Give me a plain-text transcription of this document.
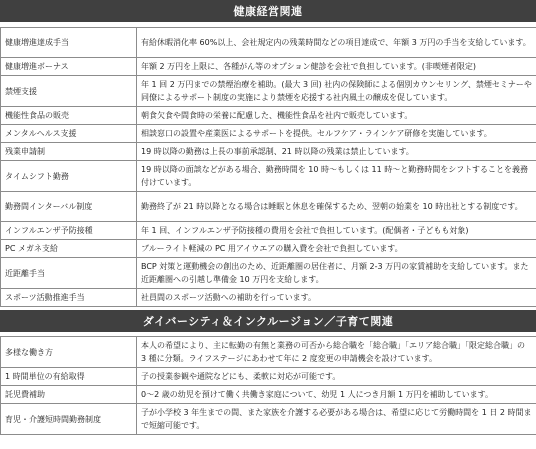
健康経営関連
健康増進達成手当	有給休暇消化率 60%以上、会社規定内の残業時間などの項目達成で、年額 3 万円の手当を支給しています。
健康増進ボーナス	年額 2 万円を上限に、各種がん等のオプション健診を会社で負担しています。(非喫煙者限定)
禁煙支援	年 1 回 2 万円までの禁煙治療を補助。(最大 3 回) 社内の保険師による個別カウンセリング、禁煙セミナーや同僚によるサポート制度の実施により禁煙を応援する社内風土の醸成を促しています。
機能性食品の販売	朝食欠食や間食時の栄養に配慮した、機能性食品を社内で販売しています。
メンタルヘルス支援	相談窓口の設置や産業医によるサポートを提供。セルフケア・ラインケア研修を実施しています。
残業申請制	19 時以降の勤務は上長の事前承認制、21 時以降の残業は禁止しています。
タイムシフト勤務	19 時以降の面談などがある場合、勤務時間を 10 時～もしくは 11 時～と勤務時間をシフトすることを義務付けています。
勤務間インターバル制度	勤務終了が 21 時以降となる場合は睡眠と休息を確保するため、翌朝の始業を 10 時出社とする制度です。
インフルエンザ予防接種	年 1 回、インフルエンザ予防接種の費用を会社で負担しています。(配偶者・子どもも対象)
PC メガネ支給	ブルーライト軽減の PC 用アイウエアの購入費を会社で負担しています。
近距離手当	BCP 対策と運動機会の創出のため、近距離圏の居住者に、月額 2-3 万円の家賃補助を支給しています。また近距離圏への引越し準備金 10 万円を支給します。
スポーツ活動推進手当	社員間のスポーツ活動への補助を行っています。
ダイバーシティ＆インクルージョン／子育て関連
多様な働き方	本人の希望により、主に転勤の有無と業務の可否から総合職を「総合職」「エリア総合職」「限定総合職」の 3 種に分類。ライフステージにあわせて年に 2 度変更の申請機会を設けています。
1 時間単位の有給取得	子の授業参観や通院などにも、柔軟に対応が可能です。
託児費補助	0～2 歳の幼児を預けて働く共働き家庭について、幼児 1 人につき月額 1 万円を補助しています。
育児・介護短時間勤務制度	子が小学校 3 年生までの間、また家族を介護する必要がある場合は、希望に応じて労働時間を 1 日 2 時間まで短縮可能です。
